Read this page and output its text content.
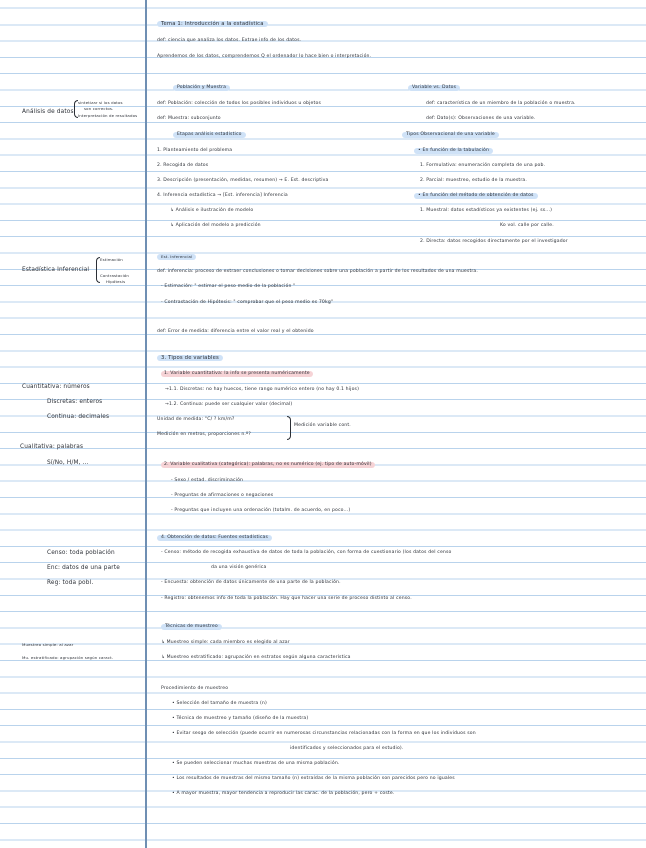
Tema 1: Introducción a la estadística
def: ciencia que analiza los datos. Extrae info de los datos.
Aprendemos de los datos, comprendemos Q el ordenador lo hace bien o interpretación.
Población y Muestra	Variable vs. Datos
def: Población: colección de todos los posibles individuos u objetos	def: característica de un miembro de la población o muestra.
def: Muestra: subconjunto	def: Dato(s): Observaciones de una variable.
Etapas análisis estadístico	Tipos Observacional de una variable
1. Planteamiento del problema	• En función de la tabulación
2. Recogida de datos	1. Formulativa: enumeración completa de una pob.
3. Descripción (presentación, medidas, resumen) → E. Est. descriptiva	2. Parcial: muestreo, estudio de la muestra.
4. Inferencia estadística → [Est. inferencia] Inferencia	• En función del método de obtención de datos
↳ Análisis e ilustración de modelo	1. Muestral: datos estadísticos ya existentes (ej. ss...)
↳ Aplicación del modelo a predicción	Ko vol. calle por calle.
2. Directa: datos recogidos directamente por el investigador
Est. Inferencial
def. inferencia: proceso de extraer conclusiones o tomar decisiones sobre una población a partir de los resultados de una muestra.
- Estimación: " estimar el peso medio de la población "
- Contrastación de Hipótesis: " comprobar que el peso medio es 70kg"
def: Error de medida: diferencia entre el valor real y el obtenido
3. Tipos de variables
1. Variable cuantitativa: la info se presenta numéricamente
→1.1. Discretas: no hay huecos, tiene rango numérico entero (no hay 0.1 hijos)
→1.2. Continua: puede ser cualquier valor (decimal)
Unidad de medida: °C/ ? km/m?
Medición variable cont.
Medición en metros, proporciones n.º?
2. Variable cualitativa (categórica): palabras, no es numérico (ej. tipo de auto-móvil)
- Sexo / estad. discriminación
- Preguntas de afirmaciones o negaciones
- Preguntas que incluyen una ordenación (totalm. de acuerdo, en poco...)
4. Obtención de datos: Fuentes estadísticas
- Censo: método de recogida exhaustiva de datos de toda la población, con forma de cuestionario (los datos del censo
da una visión genérica
- Encuesta: obtención de datos únicamente de una parte de la población.
- Registro: obtenemos info de toda la población. Hay que hacer una serie de proceso distinto al censo.
Técnicas de muestreo
↳ Muestreo simple: cada miembro es elegido al azar
↳ Muestreo estratificado: agrupación en estratos según alguna característica
Procedimiento de muestreo
• Selección del tamaño de muestra (n)
• Técnica de muestreo y tamaño (diseño de la muestra)
• Evitar sesgo de selección (puede ocurrir en numerosas circunstancias relacionadas con la forma en que los individuos son
identificados y seleccionados para el estudio).
• Se pueden seleccionar muchas muestras de una misma población.
• Los resultados de muestras del mismo tamaño (n) extraídas de la misma población son parecidos pero no iguales
• A mayor muestra, mayor tendencia a reproducir las carac. de la población, pero + coste.
Análisis de datos
sintetizar si los datos
son correctos.
Interpretación de resultados
Estimación
Estadística Inferencial
Contrastación
Hipótesis
Cuantitativa: números
Discretas: enteros
Continua: decimales
Cualitativa: palabras
Sí/No, H/M, ...
Censo: toda población
Enc: datos de una parte
Reg: toda pobl.
Muestreo simple: al azar
Mu. estratificado: agrupación según caract.
